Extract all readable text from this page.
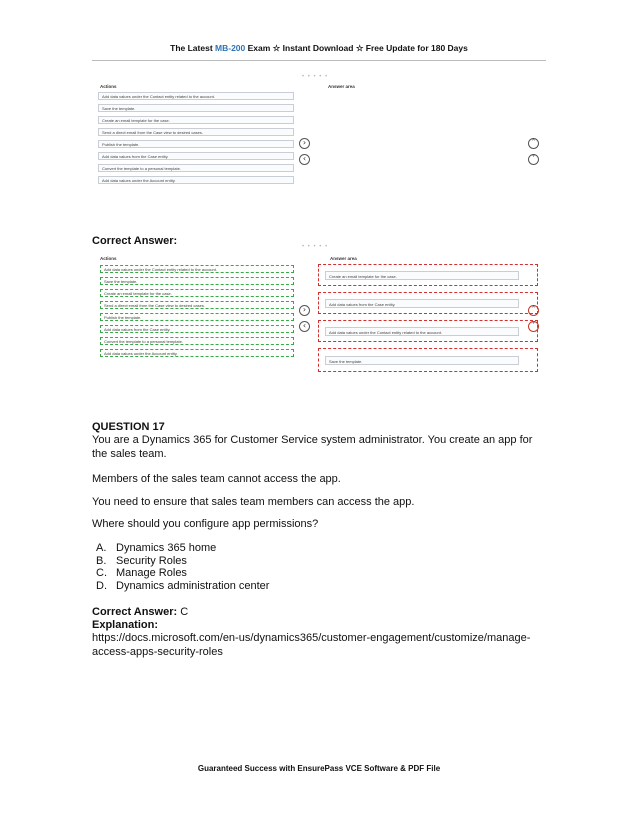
The Latest MB-200 Exam ☆ Instant Download ☆ Free Update for 180 Days
• • • • •
Actions	Answer area
Add data values under the Contact entity related to the account.
Save the template.
Create an email template for the case.
Send a direct email from the Case view to desired cases.
Publish the template.
Add data values from the Case entity.
Convert the template to a personal template.
Add data values under the Account entity.
›
‹
˄
˅
Correct Answer:	• • • • •
Actions	Answer area
Add data values under the Contact entity related to the account.
Save the template.
Create an email template for the case.
Send a direct email from the Case view to desired cases.
Publish the template.
Add data values from the Case entity.
Convert the template to a personal template.
Add data values under the Account entity.
›
‹
˄
˅
Create an email template for the case.
Add data values from the Case entity.
Add data values under the Contact entity related to the account.
Save the template.
QUESTION 17
You are a Dynamics 365 for Customer Service system administrator. You create an app for the sales team.
Members of the sales team cannot access the app.
You need to ensure that sales team members can access the app.
Where should you configure app permissions?
A. Dynamics 365 home
B. Security Roles
C. Manage Roles
D. Dynamics administration center
Correct Answer: C
Explanation:
https://docs.microsoft.com/en-us/dynamics365/customer-engagement/customize/manage-
access-apps-security-roles
Guaranteed Success with EnsurePass VCE Software & PDF File
